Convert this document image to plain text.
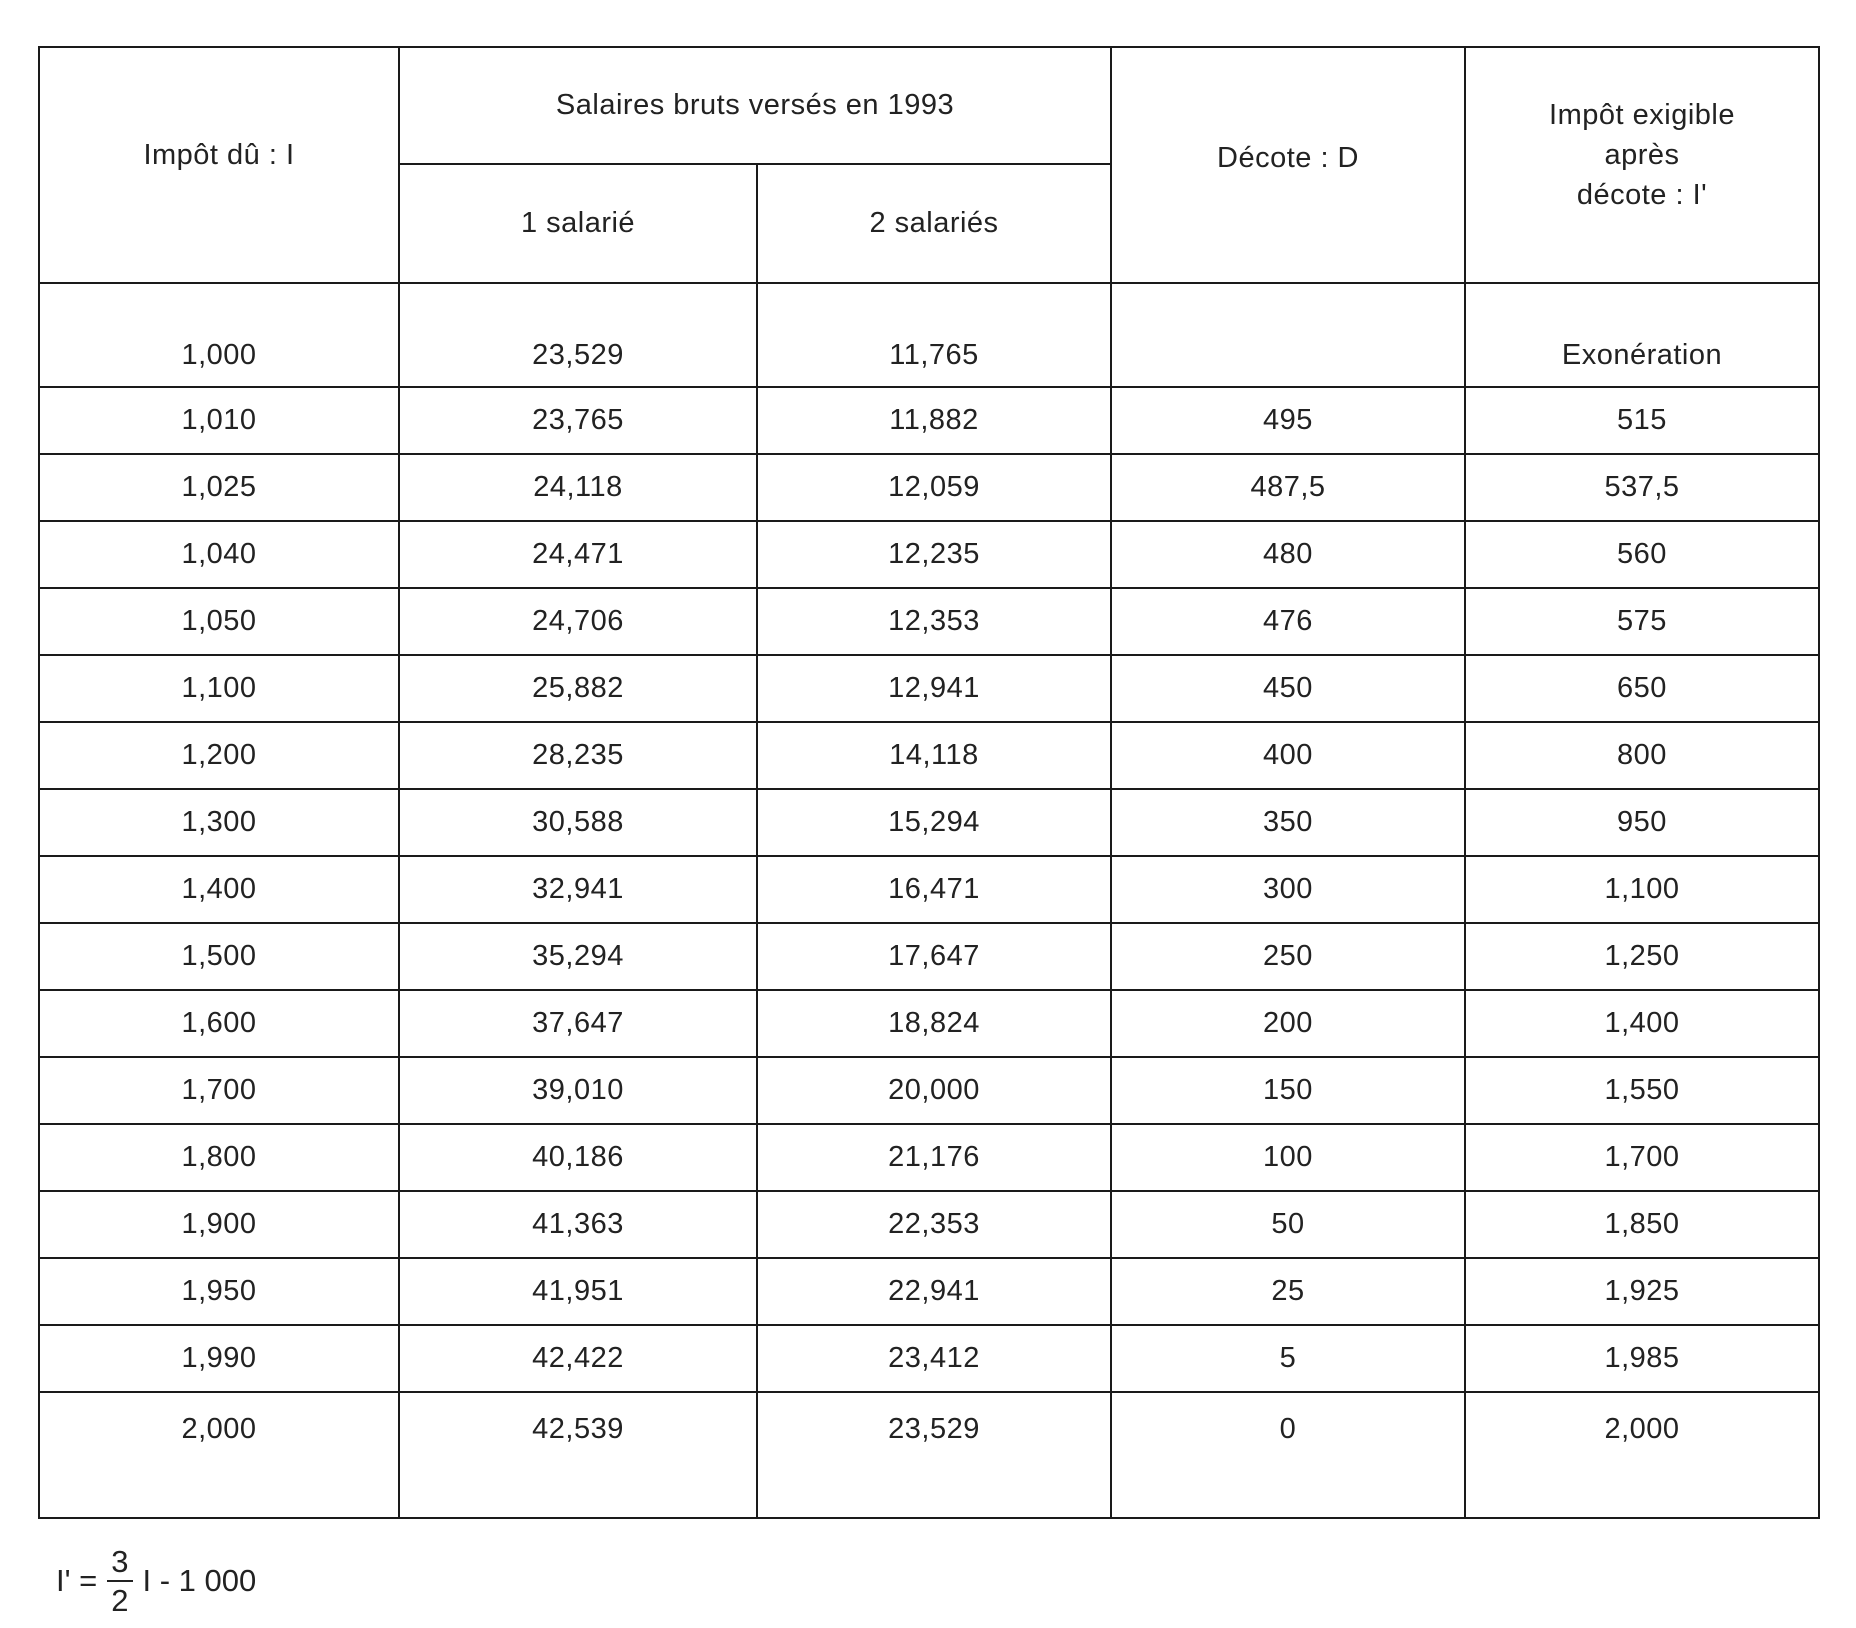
Impôt dû : I	Salaires bruts versés en 1993		Décote : D	Impôt exigible
après
décote : I'
	1 salarié	2 salariés		
1,000	23,529	11,765		Exonération
1,010	23,765	11,882	495	515
1,025	24,118	12,059	487,5	537,5
1,040	24,471	12,235	480	560
1,050	24,706	12,353	476	575
1,100	25,882	12,941	450	650
1,200	28,235	14,118	400	800
1,300	30,588	15,294	350	950
1,400	32,941	16,471	300	1,100
1,500	35,294	17,647	250	1,250
1,600	37,647	18,824	200	1,400
1,700	39,010	20,000	150	1,550
1,800	40,186	21,176	100	1,700
1,900	41,363	22,353	50	1,850
1,950	41,951	22,941	25	1,925
1,990	42,422	23,412	5	1,985
2,000	42,539	23,529	0	2,000
$I' = \frac{3}{2}$ I - 1 000
